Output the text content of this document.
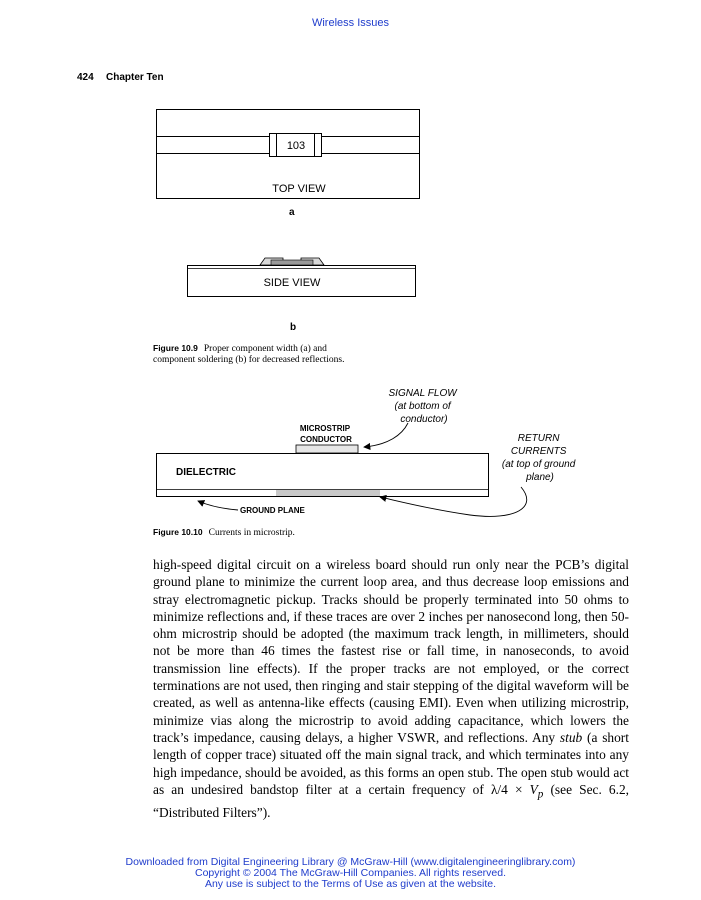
Wireless Issues
424 Chapter Ten
103
TOP VIEW
a
SIDE VIEW
b
Figure 10.9 Proper component width (a) and
component soldering (b) for decreased reflections.
SIGNAL FLOW (at bottom of conductor)
MICROSTRIP CONDUCTOR	RETURN CURRENTS (at top of ground plane)
DIELECTRIC
GROUND PLANE
Figure 10.10 Currents in microstrip.

high-speed digital circuit on a wireless board should run only near the PCB’s digital ground plane to minimize the current loop area, and thus decrease loop emissions and stray electromagnetic pickup. Tracks should be properly terminated into 50 ohms to minimize reflections and, if these traces are over 2 inches per nanosecond long, then 50-ohm microstrip should be adopted (the maximum track length, in millimeters, should not be more than 46 times the fastest rise or fall time, in nanoseconds, to avoid transmission line effects). If the proper tracks are not employed, or the correct terminations are not used, then ringing and stair stepping of the digital waveform will be created, as well as antenna-like effects (causing EMI). Even when utilizing microstrip, minimize vias along the microstrip to avoid adding capacitance, which lowers the track’s impedance, causing delays, a higher VSWR, and reflections. Any stub (a short length of copper trace) situated off the main signal track, and which terminates into any high impedance, should be avoided, as this forms an open stub. The open stub would act as an undesired bandstop filter at a certain frequency of $\lambda/4 \times V_p$ (see Sec. 6.2, “Distributed Filters”).

Downloaded from Digital Engineering Library @ McGraw-Hill (www.digitalengineeringlibrary.com)
Copyright © 2004 The McGraw-Hill Companies. All rights reserved.
Any use is subject to the Terms of Use as given at the website.
